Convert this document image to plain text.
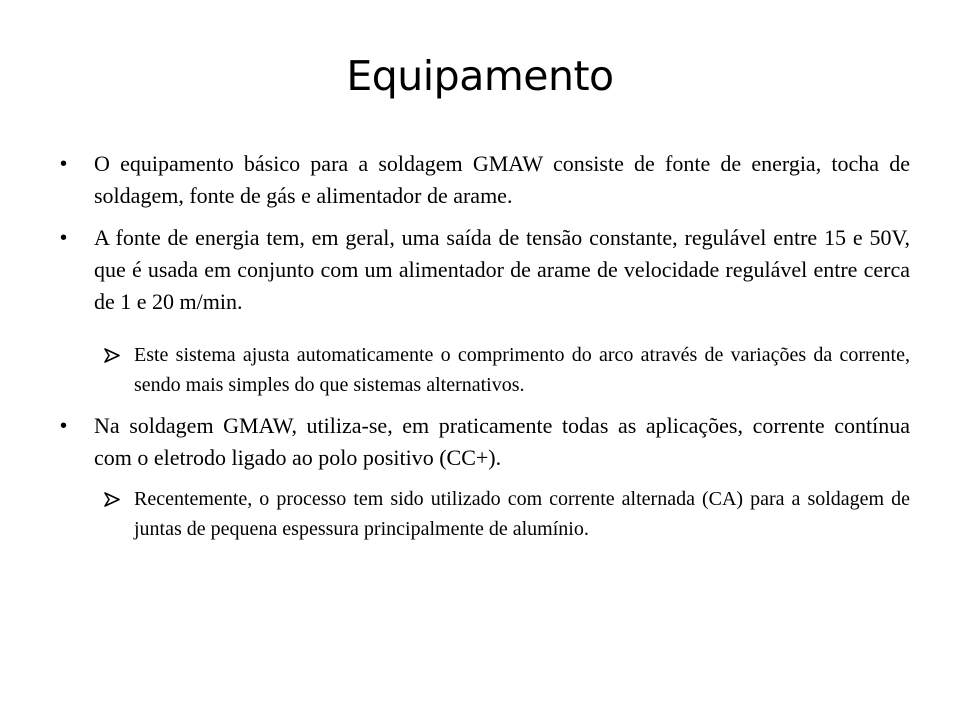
Equipamento
• O equipamento básico para a soldagem GMAW consiste de fonte de energia, tocha de soldagem, fonte de gás e alimentador de arame.
• A fonte de energia tem, em geral, uma saída de tensão constante, regulável entre 15 e 50V, que é usada em conjunto com um alimentador de arame de velocidade regulável entre cerca de 1 e 20 m/min.
Este sistema ajusta automaticamente o comprimento do arco através de variações da corrente, sendo mais simples do que sistemas alternativos.
• Na soldagem GMAW, utiliza-se, em praticamente todas as aplicações, corrente contínua com o eletrodo ligado ao polo positivo (CC+).
Recentemente, o processo tem sido utilizado com corrente alternada (CA) para a soldagem de juntas de pequena espessura principalmente de alumínio.
